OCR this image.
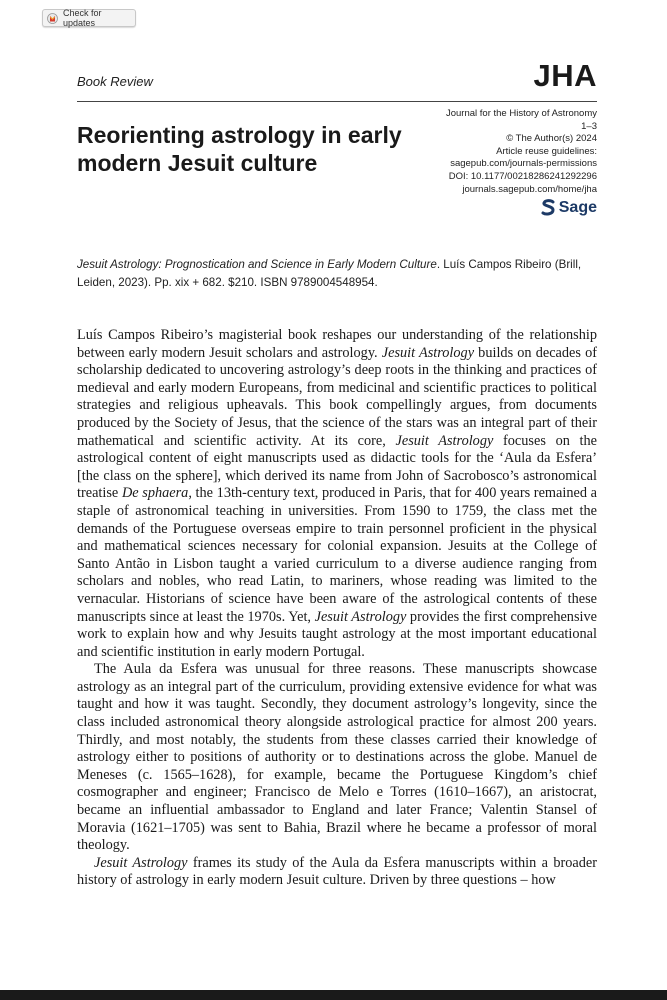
Check for updates
Book Review	JHA
Reorienting astrology in early modern Jesuit culture
Journal for the History of Astronomy
1–3
© The Author(s) 2024
Article reuse guidelines:
sagepub.com/journals-permissions
DOI: 10.1177/00218286241292296
journals.sagepub.com/home/jha
Sage
Jesuit Astrology: Prognostication and Science in Early Modern Culture. Luís Campos Ribeiro (Brill, Leiden, 2023). Pp. xix + 682. $210. ISBN 9789004548954.

Luís Campos Ribeiro’s magisterial book reshapes our understanding of the relationship between early modern Jesuit scholars and astrology. Jesuit Astrology builds on decades of scholarship dedicated to uncovering astrology’s deep roots in the thinking and practices of medieval and early modern Europeans, from medicinal and scientific practices to political strategies and religious upheavals. This book compellingly argues, from documents produced by the Society of Jesus, that the science of the stars was an integral part of their mathematical and scientific activity. At its core, Jesuit Astrology focuses on the astrological content of eight manuscripts used as didactic tools for the ‘Aula da Esfera’ [the class on the sphere], which derived its name from John of Sacrobosco’s astronomical treatise De sphaera, the 13th-century text, produced in Paris, that for 400 years remained a staple of astronomical teaching in universities. From 1590 to 1759, the class met the demands of the Portuguese overseas empire to train personnel proficient in the physical and mathematical sciences necessary for colonial expansion. Jesuits at the College of Santo Antão in Lisbon taught a varied curriculum to a diverse audience ranging from scholars and nobles, who read Latin, to mariners, whose reading was limited to the vernacular. Historians of science have been aware of the astrological contents of these manuscripts since at least the 1970s. Yet, Jesuit Astrology provides the first comprehensive work to explain how and why Jesuits taught astrology at the most important educational and scientific institution in early modern Portugal.

The Aula da Esfera was unusual for three reasons. These manuscripts showcase astrology as an integral part of the curriculum, providing extensive evidence for what was taught and how it was taught. Secondly, they document astrology’s longevity, since the class included astronomical theory alongside astrological practice for almost 200 years. Thirdly, and most notably, the students from these classes carried their knowledge of astrology either to positions of authority or to destinations across the globe. Manuel de Meneses (c. 1565–1628), for example, became the Portuguese Kingdom’s chief cosmographer and engineer; Francisco de Melo e Torres (1610–1667), an aristocrat, became an influential ambassador to England and later France; Valentin Stansel of Moravia (1621–1705) was sent to Bahia, Brazil where he became a professor of moral theology.

Jesuit Astrology frames its study of the Aula da Esfera manuscripts within a broader history of astrology in early modern Jesuit culture. Driven by three questions – how
